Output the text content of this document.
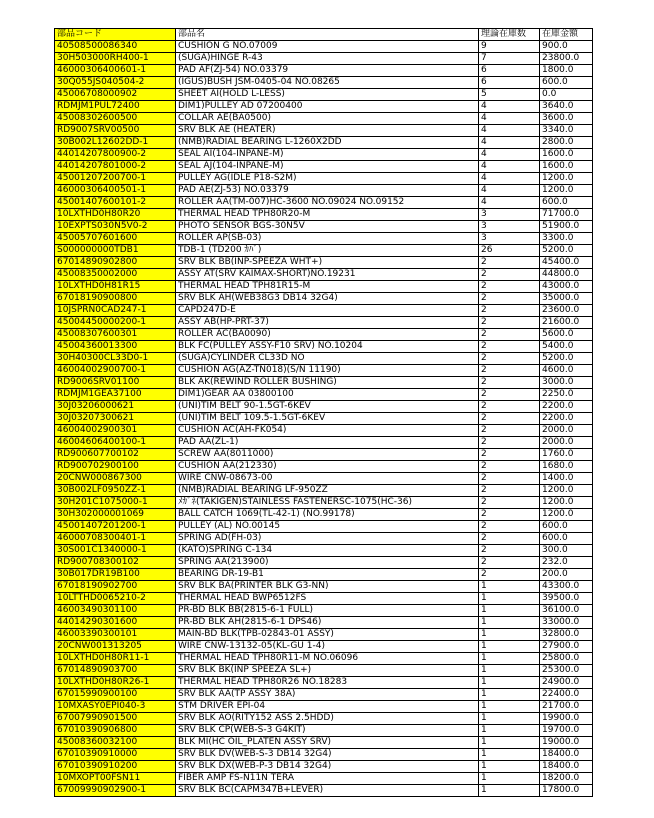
部品コード	部品名	理論在庫数	在庫金額
40508500086340	CUSHION G NO.07009	9	900.0
30H503000RH400-1	(SUGA)HINGE R-43	7	23800.0
46000306400601-1	PAD AF(ZJ-54) NO.03379	6	1800.0
30Q055JS040504-2	(IGUS)BUSH JSM-0405-04 NO.08265	6	600.0
45006708000902	SHEET AI(HOLD L-LESS)	5	0.0
RDMJM1PUL72400	DIM1)PULLEY AD 07200400	4	3640.0
45008302600500	COLLAR AE(BA0500)	4	3600.0
RD9007SRV00500	SRV BLK AE (HEATER)	4	3340.0
30B002L12602DD-1	(NMB)RADIAL BEARING L-1260X2DD	4	2800.0
44014207800900-2	SEAL AI(104-INPANE-M)	4	1600.0
44014207801000-2	SEAL AJ(104-INPANE-M)	4	1600.0
45001207200700-1	PULLEY AG(IDLE P18-S2M)	4	1200.0
46000306400501-1	PAD AE(ZJ-53) NO.03379	4	1200.0
45001407600101-2	ROLLER AA(TM-007)HC-3600 NO.09024 NO.09152	4	600.0
10LXTHD0H80R20	THERMAL HEAD TPH80R20-M	3	71700.0
10EXPTS030N5V0-2	PHOTO SENSOR BGS-30N5V	3	51900.0
45005707601600	ROLLER AP(SB-03)	3	3300.0
S000000000TDB1	TDB-1 (TD200 ｶﾊﾞ)	26	5200.0
67014890902800	SRV BLK BB(INP-SPEEZA WHT+)	2	45400.0
45008350002000	ASSY AT(SRV KAIMAX-SHORT)NO.19231	2	44800.0
10LXTHD0H81R15	THERMAL HEAD TPH81R15-M	2	43000.0
67018190900800	SRV BLK AH(WEB38G3 DB14 32G4)	2	35000.0
10JSPRN0CAD247-1	CAPD247D-E	2	23600.0
45004450000200-1	ASSY AB(HP-PRT-37)	2	21600.0
45008307600301	ROLLER AC(BA0090)	2	5600.0
45004360013300	BLK FC(PULLEY ASSY-F10 SRV) NO.10204	2	5400.0
30H40300CL33D0-1	(SUGA)CYLINDER CL33D NO	2	5200.0
46004002900700-1	CUSHION AG(AZ-TN018)(S/N 11190)	2	4600.0
RD9006SRV01100	BLK AK(REWIND ROLLER BUSHING)	2	3000.0
RDMJM1GEA37100	DIM1)GEAR AA 03800100	2	2250.0
30J03206000621	(UNI)TIM BELT 90-1.5GT-6KEV	2	2200.0
30J03207300621	(UNI)TIM BELT 109.5-1.5GT-6KEV	2	2200.0
46004002900301	CUSHION AC(AH-FK054)	2	2000.0
46004606400100-1	PAD AA(ZL-1)	2	2000.0
RD900607700102	SCREW AA(8011000)	2	1760.0
RD900702900100	CUSHION AA(212330)	2	1680.0
20CNW000867300	WIRE CNW-08673-00	2	1400.0
30B002LF0950ZZ-1	(NMB)RADIAL BEARING LF-950ZZ	2	1200.0
30H201C1075000-1	ﾒｶﾞﾈ(TAKIGEN)STAINLESS FASTENERSC-1075(HC-36)	2	1200.0
30H302000001069	BALL CATCH 1069(TL-42-1) (NO.99178)	2	1200.0
45001407201200-1	PULLEY (AL) NO.00145	2	600.0
46000708300401-1	SPRING AD(FH-03)	2	600.0
30S001C1340000-1	(KATO)SPRING C-134	2	300.0
RD900708300102	SPRING AA(213900)	2	232.0
30B017DR19B100	BEARING DR-19-B1	2	200.0
67018190902700	SRV BLK BA(PRINTER BLK G3-NN)	1	43300.0
10LTTHD0065210-2	THERMAL HEAD BWP6512FS	1	39500.0
46003490301100	PR-BD BLK BB(2815-6-1 FULL)	1	36100.0
44014290301600	PR-BD BLK AH(2815-6-1 DPS46)	1	33000.0
46003390300101	MAIN-BD BLK(TPB-02843-01 ASSY)	1	32800.0
20CNW001313205	WIRE CNW-13132-05(KL-GU 1-4)	1	27900.0
10LXTHD0H80R11-1	THERMAL HEAD TPH80R11-M NO.06096	1	25800.0
67014890903700	SRV BLK BK(INP SPEEZA SL+)	1	25300.0
10LXTHD0H80R26-1	THERMAL HEAD TPH80R26 NO.18283	1	24900.0
67015990900100	SRV BLK AA(TP ASSY 38A)	1	22400.0
10MXASY0EPI040-3	STM DRIVER EPI-04	1	21700.0
67007990901500	SRV BLK AO(RITY152 ASS 2.5HDD)	1	19900.0
67010390906800	SRV BLK CP(WEB-S-3 G4KIT)	1	19700.0
45008360032100	BLK MI(HC OIL_PLATEN ASSY SRV)	1	19000.0
67010390910000	SRV BLK DV(WEB-S-3 DB14 32G4)	1	18400.0
67010390910200	SRV BLK DX(WEB-P-3 DB14 32G4)	1	18400.0
10MXOPT00FSN11	FIBER AMP FS-N11N TERA	1	18200.0
67009990902900-1	SRV BLK BC(CAPM347B+LEVER)	1	17800.0
